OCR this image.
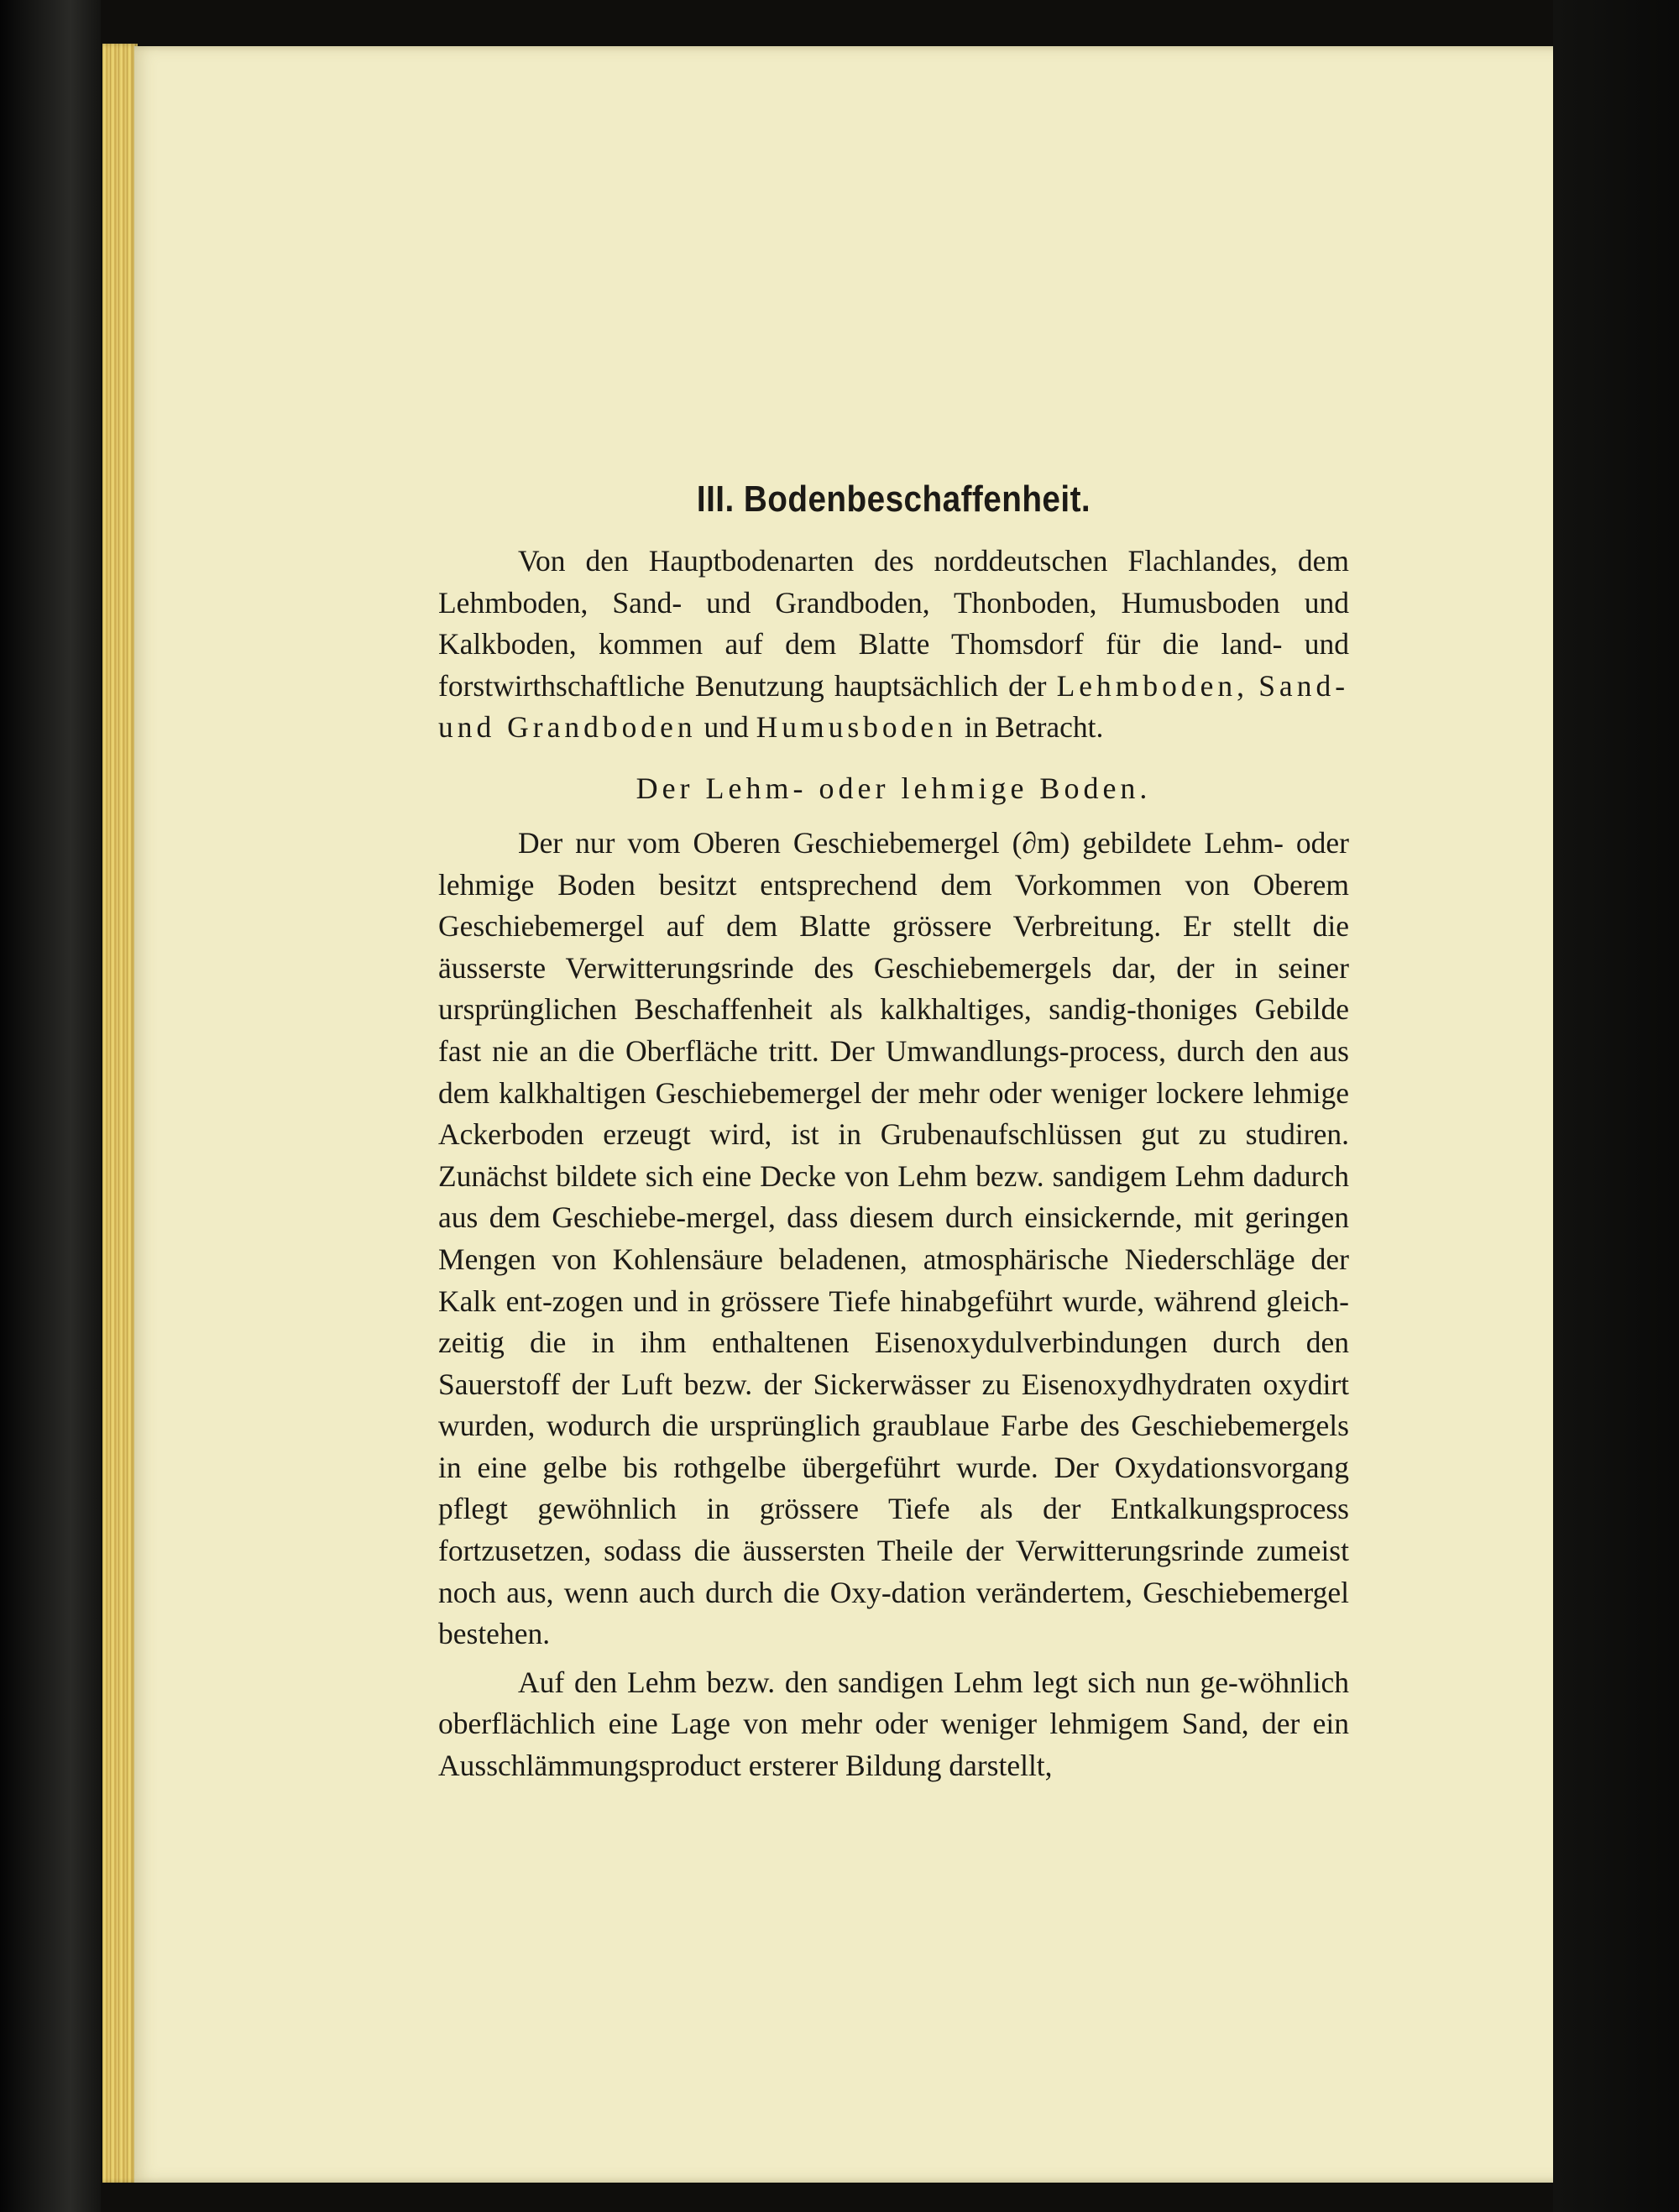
III. Bodenbeschaffenheit.

Von den Hauptbodenarten des norddeutschen Flachlandes, dem Lehmboden, Sand- und Grandboden, Thonboden, Humusboden und Kalkboden, kommen auf dem Blatte Thomsdorf für die land- und forstwirthschaftliche Benutzung hauptsächlich der Lehmboden, Sand- und Grandboden und Humusboden in Betracht.

Der Lehm- oder lehmige Boden.

Der nur vom Oberen Geschiebemergel (∂m) gebildete Lehm- oder lehmige Boden besitzt entsprechend dem Vorkommen von Oberem Geschiebemergel auf dem Blatte grössere Verbreitung. Er stellt die äusserste Verwitterungsrinde des Geschiebemergels dar, der in seiner ursprünglichen Beschaffenheit als kalkhaltiges, sandig-thoniges Gebilde fast nie an die Oberfläche tritt. Der Umwandlungs-process, durch den aus dem kalkhaltigen Geschiebemergel der mehr oder weniger lockere lehmige Ackerboden erzeugt wird, ist in Grubenaufschlüssen gut zu studiren. Zunächst bildete sich eine Decke von Lehm bezw. sandigem Lehm dadurch aus dem Geschiebe-mergel, dass diesem durch einsickernde, mit geringen Mengen von Kohlensäure beladenen, atmosphärische Niederschläge der Kalk ent-zogen und in grössere Tiefe hinabgeführt wurde, während gleich-zeitig die in ihm enthaltenen Eisenoxydulverbindungen durch den Sauerstoff der Luft bezw. der Sickerwässer zu Eisenoxydhydraten oxydirt wurden, wodurch die ursprünglich graublaue Farbe des Geschiebemergels in eine gelbe bis rothgelbe übergeführt wurde. Der Oxydationsvorgang pflegt gewöhnlich in grössere Tiefe als der Entkalkungsprocess fortzusetzen, sodass die äussersten Theile der Verwitterungsrinde zumeist noch aus, wenn auch durch die Oxy-dation verändertem, Geschiebemergel bestehen.

Auf den Lehm bezw. den sandigen Lehm legt sich nun ge-wöhnlich oberflächlich eine Lage von mehr oder weniger lehmigem Sand, der ein Ausschlämmungsproduct ersterer Bildung darstellt,
